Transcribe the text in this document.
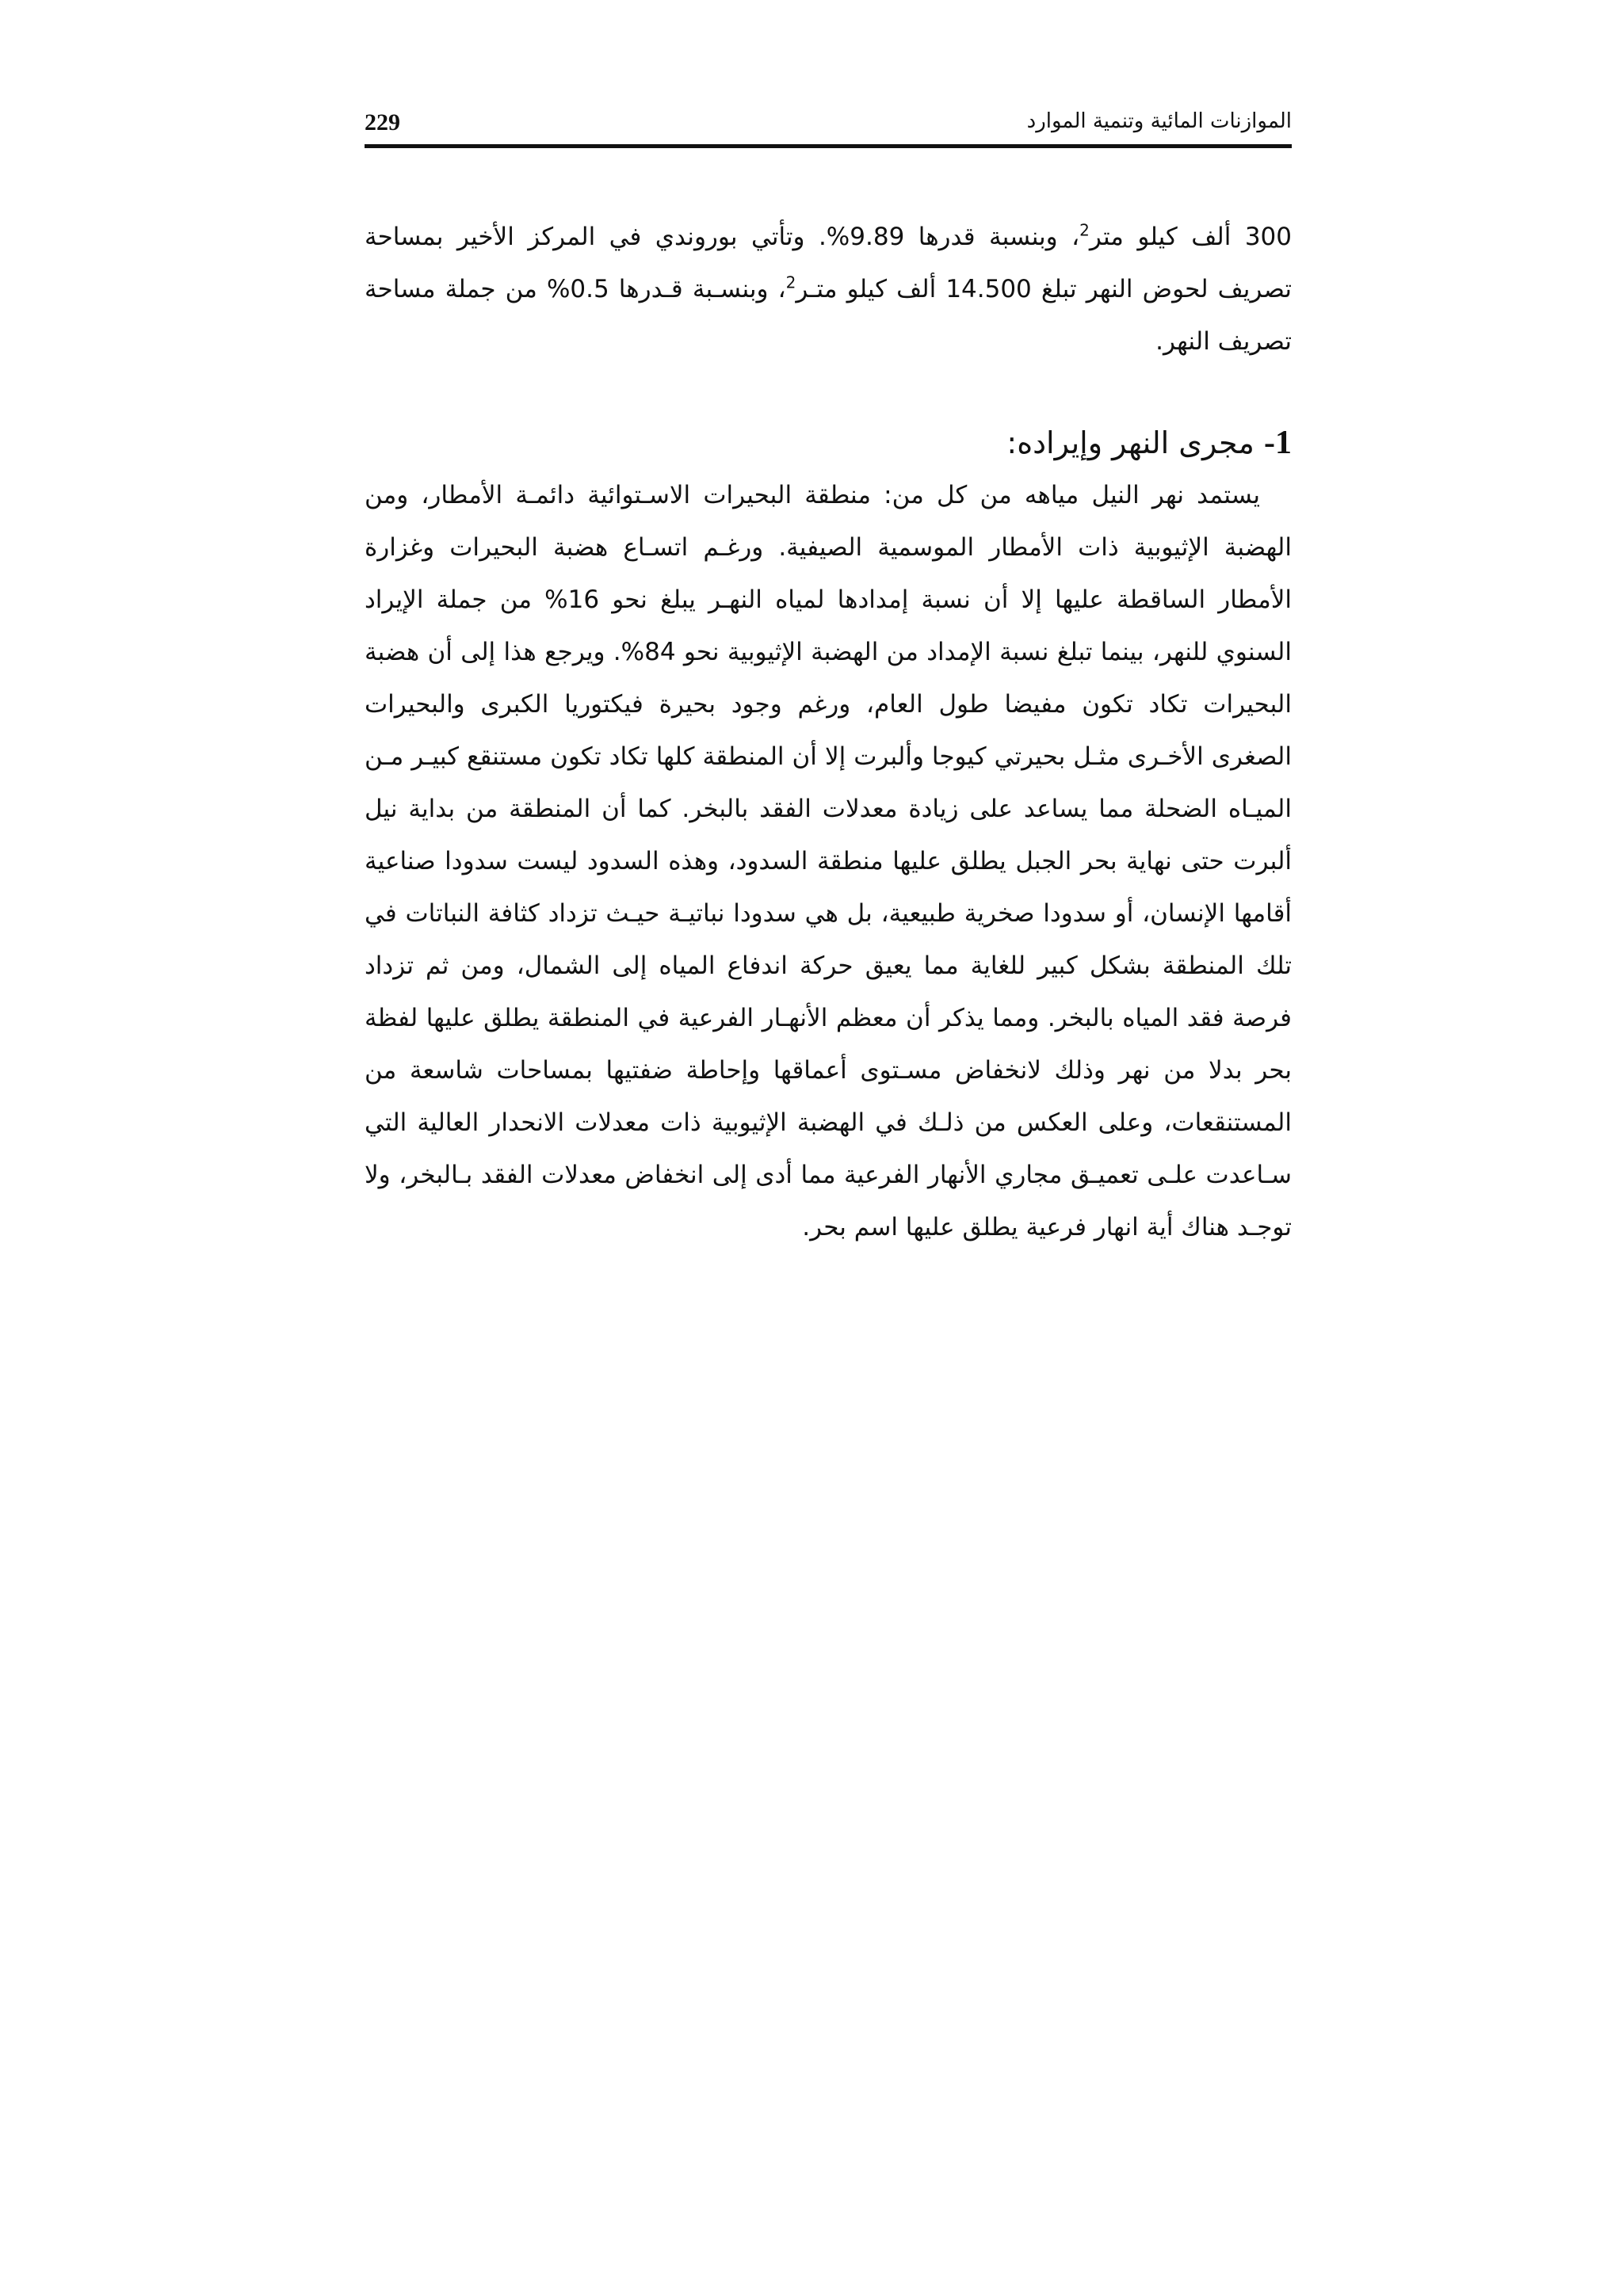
229	الموازنات المائية وتنمية الموارد

300 ألف كيلو متر$^2$، وبنسبة قدرها 9.89%. وتأتي بوروندي في المركز الأخير بمساحة تصريف لحوض النهر تبلغ 14.500 ألف كيلو متـر$^2$، وبنسـبة قـدرها 0.5% من جملة مساحة تصريف النهر.

1- مجرى النهر وإيراده:

يستمد نهر النيل مياهه من كل من: منطقة البحيرات الاسـتوائية دائمـة الأمطار، ومن الهضبة الإثيوبية ذات الأمطار الموسمية الصيفية. ورغـم اتسـاع هضبة البحيرات وغزارة الأمطار الساقطة عليها إلا أن نسبة إمدادها لمياه النهـر يبلغ نحو 16% من جملة الإيراد السنوي للنهر، بينما تبلغ نسبة الإمداد من الهضبة الإثيوبية نحو 84%. ويرجع هذا إلى أن هضبة البحيرات تكاد تكون مفيضا طول العام، ورغم وجود بحيرة فيكتوريا الكبرى والبحيرات الصغرى الأخـرى مثـل بحيرتي كيوجا وألبرت إلا أن المنطقة كلها تكاد تكون مستنقع كبيـر مـن الميـاه الضحلة مما يساعد على زيادة معدلات الفقد بالبخر. كما أن المنطقة من بداية نيل ألبرت حتى نهاية بحر الجبل يطلق عليها منطقة السدود، وهذه السدود ليست سدودا صناعية أقامها الإنسان، أو سدودا صخرية طبيعية، بل هي سدودا نباتيـة حيـث تزداد كثافة النباتات في تلك المنطقة بشكل كبير للغاية مما يعيق حركة اندفاع المياه إلى الشمال، ومن ثم تزداد فرصة فقد المياه بالبخر. ومما يذكر أن معظم الأنهـار الفرعية في المنطقة يطلق عليها لفظة بحر بدلا من نهر وذلك لانخفاض مسـتوى أعماقها وإحاطة ضفتيها بمساحات شاسعة من المستنقعات، وعلى العكس من ذلـك في الهضبة الإثيوبية ذات معدلات الانحدار العالية التي سـاعدت علـى تعميـق مجاري الأنهار الفرعية مما أدى إلى انخفاض معدلات الفقد بـالبخر، ولا توجـد هناك أية انهار فرعية يطلق عليها اسم بحر.
